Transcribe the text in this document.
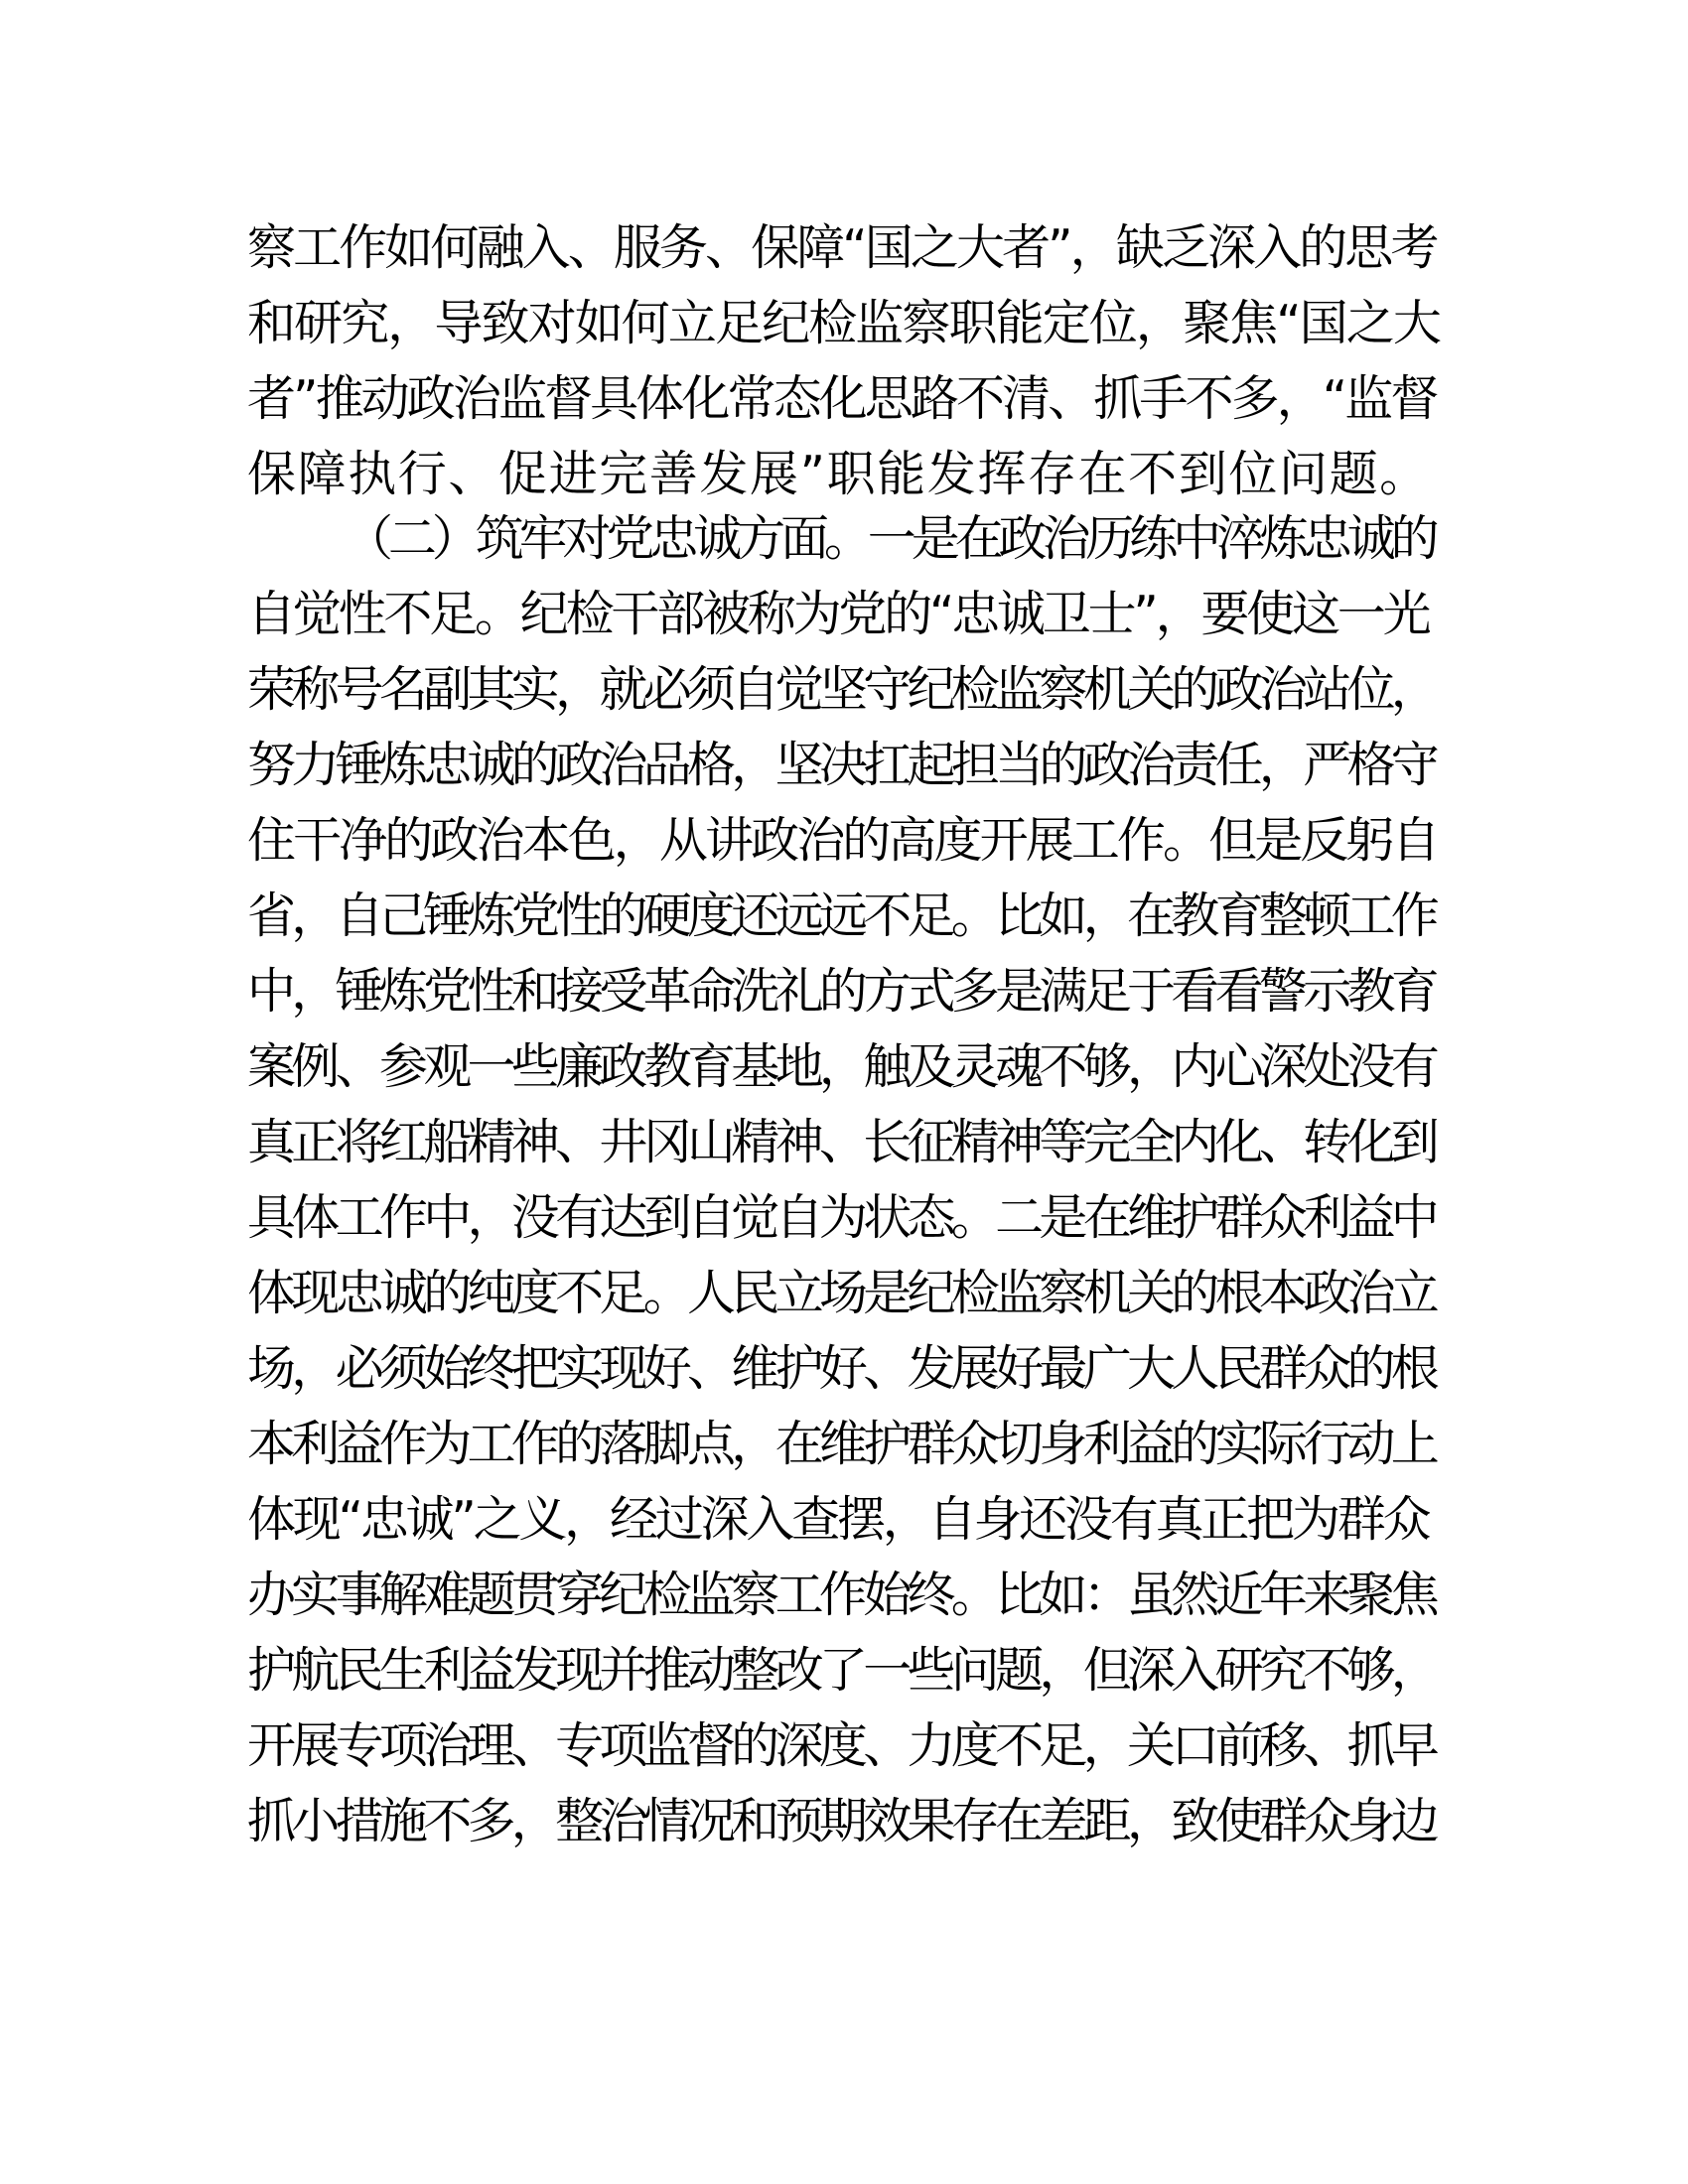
察工作如何融入、服务、保障“国之大者”，缺乏深入的思考
和研究，导致对如何立足纪检监察职能定位，聚焦“国之大
者”推动政治监督具体化常态化思路不清、抓手不多，“监督
保障执行、促进完善发展”职能发挥存在不到位问题。
（二）筑牢对党忠诚方面。一是在政治历练中淬炼忠诚的
自觉性不足。纪检干部被称为党的“忠诚卫士”，要使这一光
荣称号名副其实，就必须自觉坚守纪检监察机关的政治站位，
努力锤炼忠诚的政治品格，坚决扛起担当的政治责任，严格守
住干净的政治本色，从讲政治的高度开展工作。但是反躬自
省，自己锤炼党性的硬度还远远不足。比如，在教育整顿工作
中，锤炼党性和接受革命洗礼的方式多是满足于看看警示教育
案例、参观一些廉政教育基地，触及灵魂不够，内心深处没有
真正将红船精神、井冈山精神、长征精神等完全内化、转化到
具体工作中，没有达到自觉自为状态。二是在维护群众利益中
体现忠诚的纯度不足。人民立场是纪检监察机关的根本政治立
场，必须始终把实现好、维护好、发展好最广大人民群众的根
本利益作为工作的落脚点，在维护群众切身利益的实际行动上
体现“忠诚”之义，经过深入查摆，自身还没有真正把为群众
办实事解难题贯穿纪检监察工作始终。比如：虽然近年来聚焦
护航民生利益发现并推动整改了一些问题，但深入研究不够，
开展专项治理、专项监督的深度、力度不足，关口前移、抓早
抓小措施不多，整治情况和预期效果存在差距，致使群众身边
